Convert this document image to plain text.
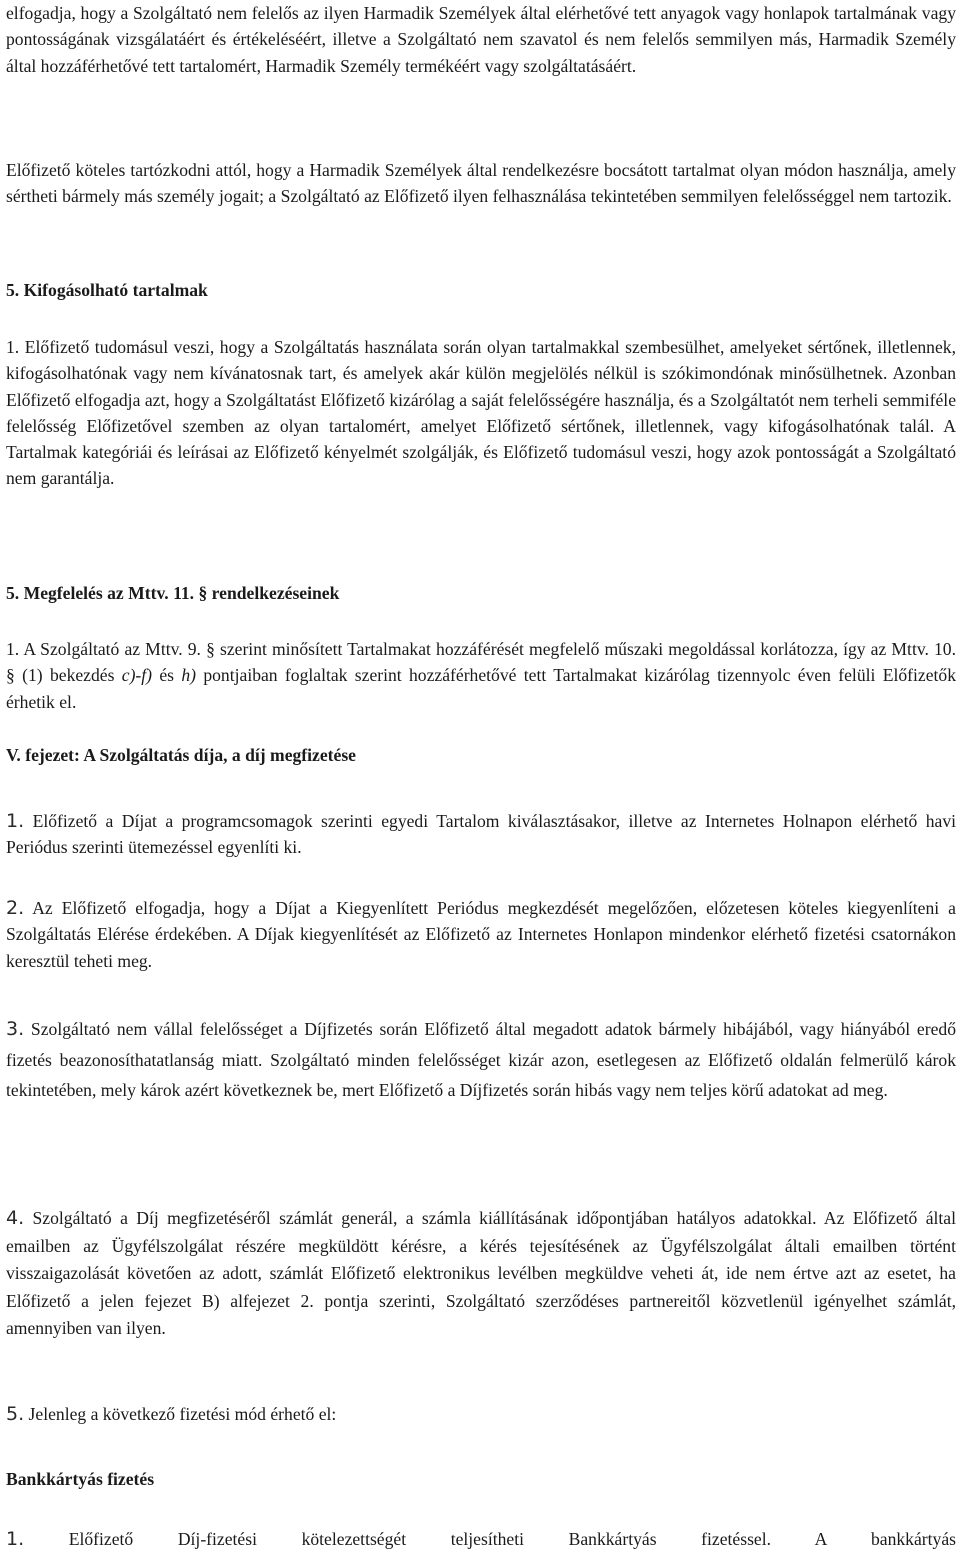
elfogadja, hogy a Szolgáltató nem felelős az ilyen Harmadik Személyek által elérhetővé tett anyagok vagy honlapok tartalmának vagy pontosságának vizsgálatáért és értékeléséért, illetve a Szolgáltató nem szavatol és nem felelős semmilyen más, Harmadik Személy által hozzáférhetővé tett tartalomért, Harmadik Személy termékéért vagy szolgáltatásáért.

Előfizető köteles tartózkodni attól, hogy a Harmadik Személyek által rendelkezésre bocsátott tartalmat olyan módon használja, amely sértheti bármely más személy jogait; a Szolgáltató az Előfizető ilyen felhasználása tekintetében semmilyen felelősséggel nem tartozik.

5. Kifogásolható tartalmak

1. Előfizető tudomásul veszi, hogy a Szolgáltatás használata során olyan tartalmakkal szembesülhet, amelyeket sértőnek, illetlennek, kifogásolhatónak vagy nem kívánatosnak tart, és amelyek akár külön megjelölés nélkül is szókimondónak minősülhetnek. Azonban Előfizető elfogadja azt, hogy a Szolgáltatást Előfizető kizárólag a saját felelősségére használja, és a Szolgáltatót nem terheli semmiféle felelősség Előfizetővel szemben az olyan tartalomért, amelyet Előfizető sértőnek, illetlennek, vagy kifogásolhatónak talál. A Tartalmak kategóriái és leírásai az Előfizető kényelmét szolgálják, és Előfizető tudomásul veszi, hogy azok pontosságát a Szolgáltató nem garantálja.

5. Megfelelés az Mttv. 11. § rendelkezéseinek

1. A Szolgáltató az Mttv. 9. § szerint minősített Tartalmakat hozzáférését megfelelő műszaki megoldással korlátozza, így az Mttv. 10. § (1) bekezdés c)-f) és h) pontjaiban foglaltak szerint hozzáférhetővé tett Tartalmakat kizárólag tizennyolc éven felüli Előfizetők érhetik el.

V. fejezet: A Szolgáltatás díja, a díj megfizetése

1. Előfizető a Díjat a programcsomagok szerinti egyedi Tartalom kiválasztásakor, illetve az Internetes Holnapon elérhető havi Periódus szerinti ütemezéssel egyenlíti ki.

2. Az Előfizető elfogadja, hogy a Díjat a Kiegyenlített Periódus megkezdését megelőzően, előzetesen köteles kiegyenlíteni a Szolgáltatás Elérése érdekében. A Díjak kiegyenlítését az Előfizető az Internetes Honlapon mindenkor elérhető fizetési csatornákon keresztül teheti meg.

3. Szolgáltató nem vállal felelősséget a Díjfizetés során Előfizető által megadott adatok bármely hibájából, vagy hiányából eredő fizetés beazonosíthatatlanság miatt. Szolgáltató minden felelősséget kizár azon, esetlegesen az Előfizető oldalán felmerülő károk tekintetében, mely károk azért következnek be, mert Előfizető a Díjfizetés során hibás vagy nem teljes körű adatokat ad meg.

4. Szolgáltató a Díj megfizetéséről számlát generál, a számla kiállításának időpontjában hatályos adatokkal. Az Előfizető által emailben az Ügyfélszolgálat részére megküldött kérésre, a kérés tejesítésének az Ügyfélszolgálat általi emailben történt visszaigazolását követően az adott, számlát Előfizető elektronikus levélben megküldve veheti át, ide nem értve azt az esetet, ha Előfizető a jelen fejezet B) alfejezet 2. pontja szerinti, Szolgáltató szerződéses partnereitől közvetlenül igényelhet számlát, amennyiben van ilyen.

5. Jelenleg a következő fizetési mód érhető el:

Bankkártyás fizetés

1. Előfizető Díj-fizetési kötelezettségét teljesítheti Bankkártyás fizetéssel. A bankkártyás
